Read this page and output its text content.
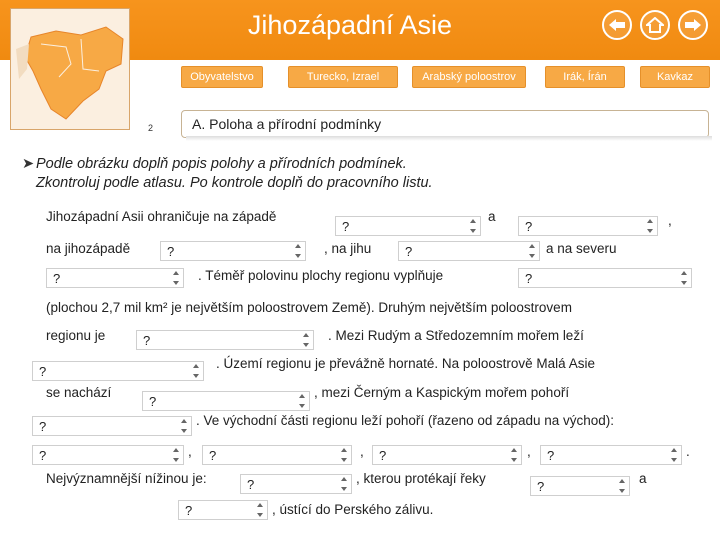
Jihozápadní Asie
2
Obyvatelstvo	Turecko, Izrael	Arabský poloostrov	Irák, Írán	Kavkaz
A. Poloha a přírodní podmínky
➤ Podle obrázku doplň popis polohy a přírodních podmínek.
Zkontroluj podle atlasu. Po kontrole doplň do pracovního listu.
Jihozápadní Asii ohraničuje na západě
?
a
?	,
na jihozápadě	?	, na jihu	?	a na severu
?	. Téměř polovinu plochy regionu vyplňuje	?
(plochou 2,7 mil km² je největším poloostrovem Země). Druhým největším poloostrovem
regionu je	?	. Mezi Rudým a Středozemním mořem leží
?	. Území regionu je převážně hornaté. Na poloostrově Malá Asie
se nachází
?
, mezi Černým a Kaspickým mořem pohoří
?	. Ve východní části regionu leží pohoří (řazeno od západu na východ):
?	, ?	, ?	, ?	.
Nejvýznamnější nížinou je:	?	, kterou protékají řeky	?	a
?	, ústící do Perského zálivu.
